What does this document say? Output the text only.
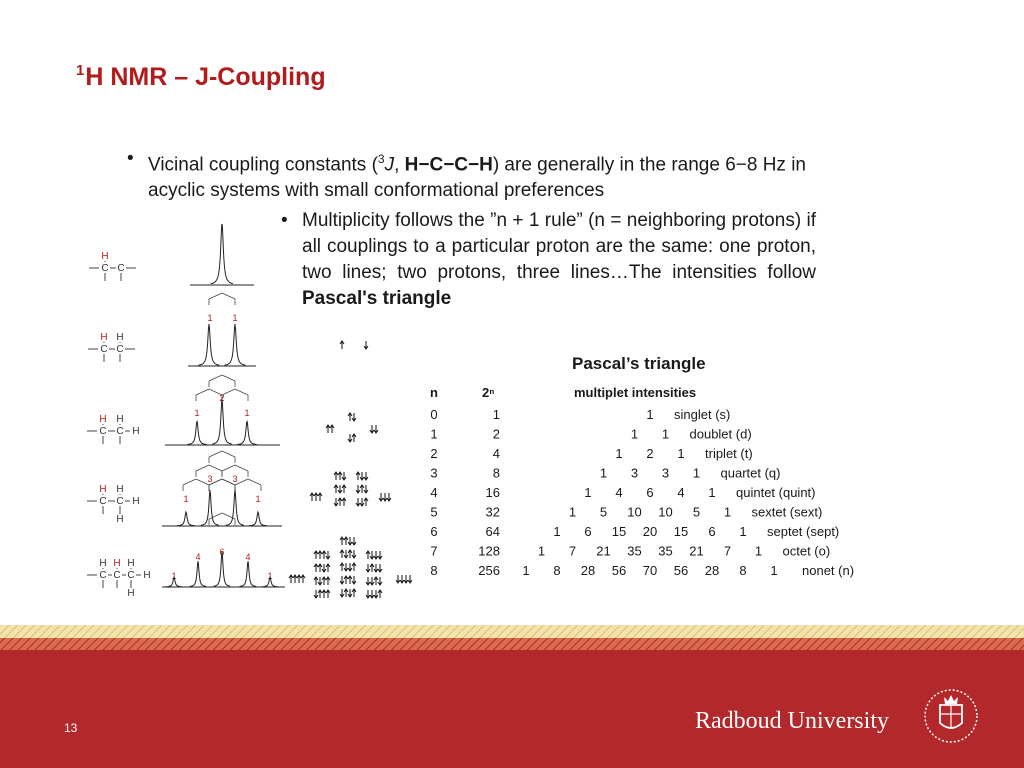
$^1$H NMR – J-Coupling
• Vicinal coupling constants ($^3$J, H−C−C−H) are generally in the range 6−8 Hz in acyclic systems with small conformational preferences
• Multiplicity follows the ”n + 1 rule” (n = neighboring protons) if all couplings to a particular proton are the same: one proton, two lines; two protons, three lines…The intensities follow Pascal's triangle
C C
H
C C
H H
C C H
H H
C C H
H H
H
C C C H
H H H
H
1 1
2
1	1
3 3
1	1
6
4	4
1	1
Pascal’s triangle
n	2ⁿ	multiplet intensities
0	1	1 singlet (s)
1	2	1 1 doublet (d)
2	4	1 2 1 triplet (t)
3	8	1 3 3 1 quartet (q)
4	16	1 4 6 4 1 quintet (quint)
5	32	1 5 10 10 5 1 sextet (sext)
6	64	1 6 15 20 15 6 1 septet (sept)
7	128	1 7 21 35 35 21 7 1 octet (o)
8	256 1 8 28 56 70 56 28 8 1 nonet (n)
13	Radboud University
